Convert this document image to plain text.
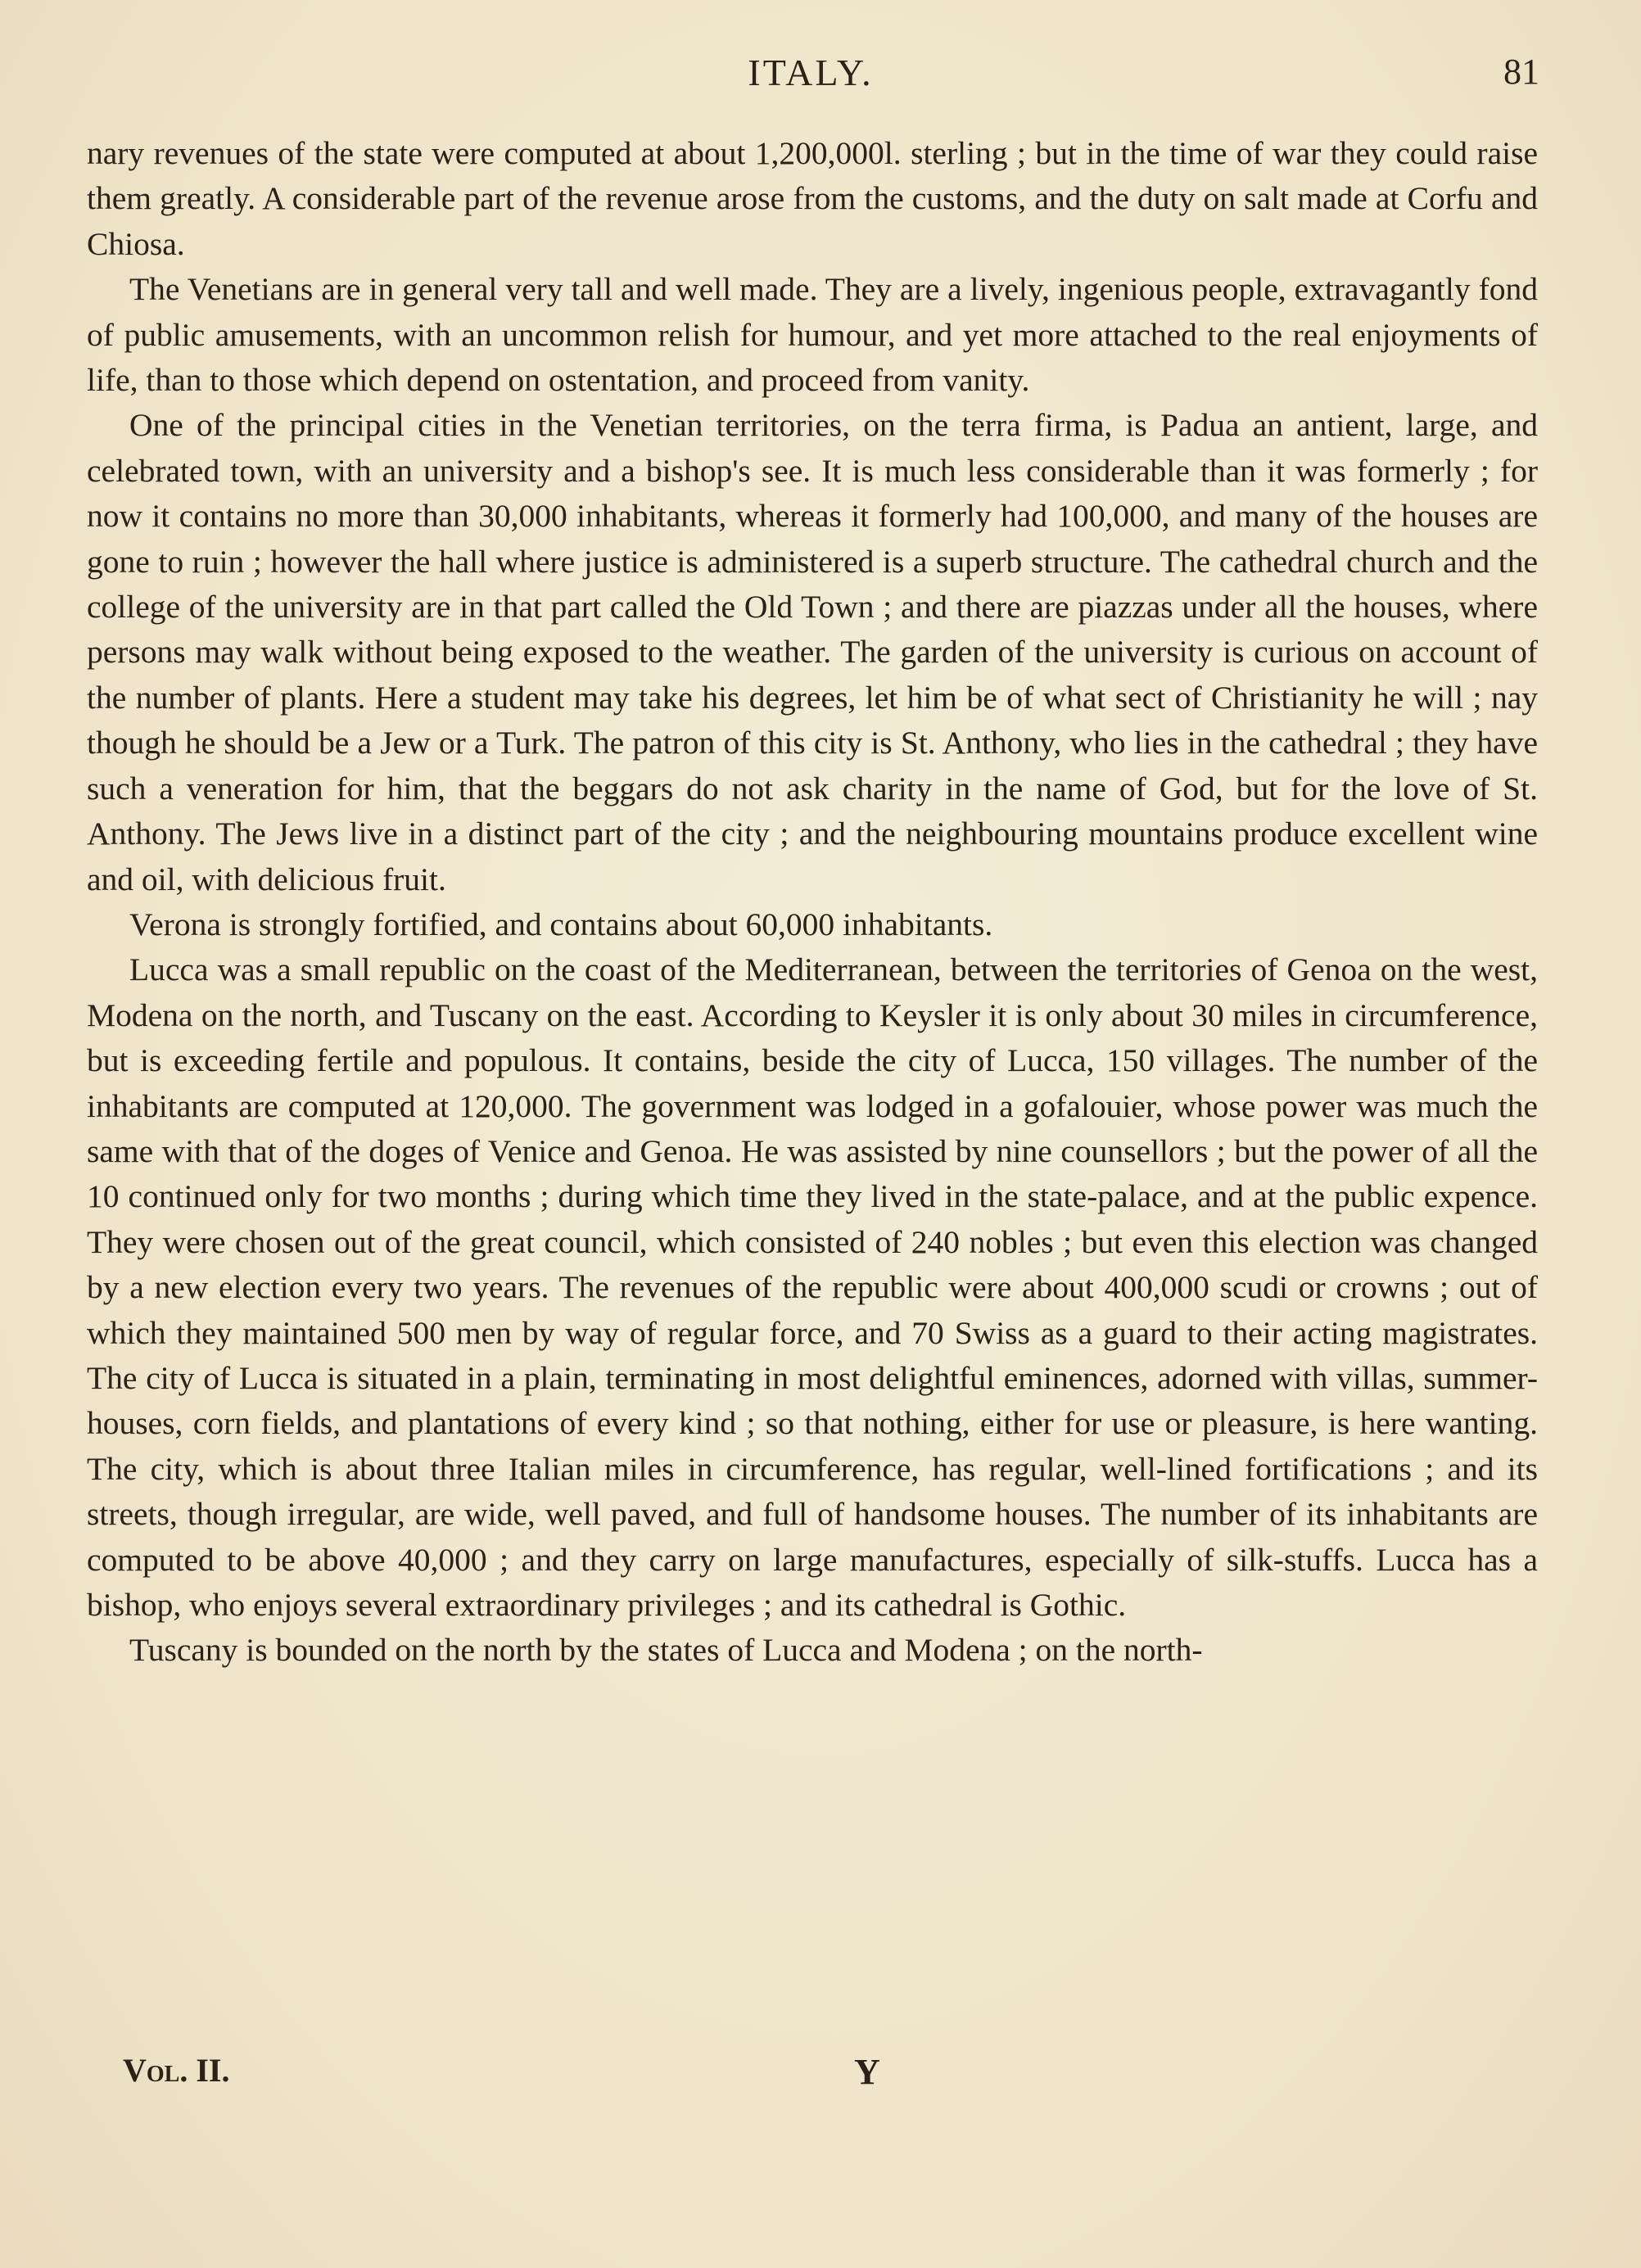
ITALY.	81

nary revenues of the state were computed at about 1,200,000l. sterling ; but in the time of war they could raise them greatly. A considerable part of the revenue arose from the customs, and the duty on salt made at Corfu and Chiosa.

The Venetians are in general very tall and well made. They are a lively, ingenious people, extravagantly fond of public amusements, with an uncommon relish for humour, and yet more attached to the real enjoyments of life, than to those which depend on ostentation, and proceed from vanity.

One of the principal cities in the Venetian territories, on the terra firma, is Padua an antient, large, and celebrated town, with an university and a bishop's see. It is much less considerable than it was formerly ; for now it contains no more than 30,000 inhabitants, whereas it formerly had 100,000, and many of the houses are gone to ruin ; however the hall where justice is administered is a superb structure. The cathedral church and the college of the university are in that part called the Old Town ; and there are piazzas under all the houses, where persons may walk without being exposed to the weather. The garden of the university is curious on account of the number of plants. Here a student may take his degrees, let him be of what sect of Christianity he will ; nay though he should be a Jew or a Turk. The patron of this city is St. Anthony, who lies in the cathedral ; they have such a veneration for him, that the beggars do not ask charity in the name of God, but for the love of St. Anthony. The Jews live in a distinct part of the city ; and the neighbouring mountains produce excellent wine and oil, with delicious fruit.

Verona is strongly fortified, and contains about 60,000 inhabitants.

Lucca was a small republic on the coast of the Mediterranean, between the territories of Genoa on the west, Modena on the north, and Tuscany on the east. According to Keysler it is only about 30 miles in circumference, but is exceeding fertile and populous. It contains, beside the city of Lucca, 150 villages. The number of the inhabitants are computed at 120,000. The government was lodged in a gofalouier, whose power was much the same with that of the doges of Venice and Genoa. He was assisted by nine counsellors ; but the power of all the 10 continued only for two months ; during which time they lived in the state-palace, and at the public expence. They were chosen out of the great council, which consisted of 240 nobles ; but even this election was changed by a new election every two years. The revenues of the republic were about 400,000 scudi or crowns ; out of which they maintained 500 men by way of regular force, and 70 Swiss as a guard to their acting magistrates. The city of Lucca is situated in a plain, terminating in most delightful eminences, adorned with villas, summer-houses, corn fields, and plantations of every kind ; so that nothing, either for use or pleasure, is here wanting. The city, which is about three Italian miles in circumference, has regular, well-lined fortifications ; and its streets, though irregular, are wide, well paved, and full of handsome houses. The number of its inhabitants are computed to be above 40,000 ; and they carry on large manufactures, especially of silk-stuffs. Lucca has a bishop, who enjoys several extraordinary privileges ; and its cathedral is Gothic.

Tuscany is bounded on the north by the states of Lucca and Modena ; on the north-

Vol. II.	Y
